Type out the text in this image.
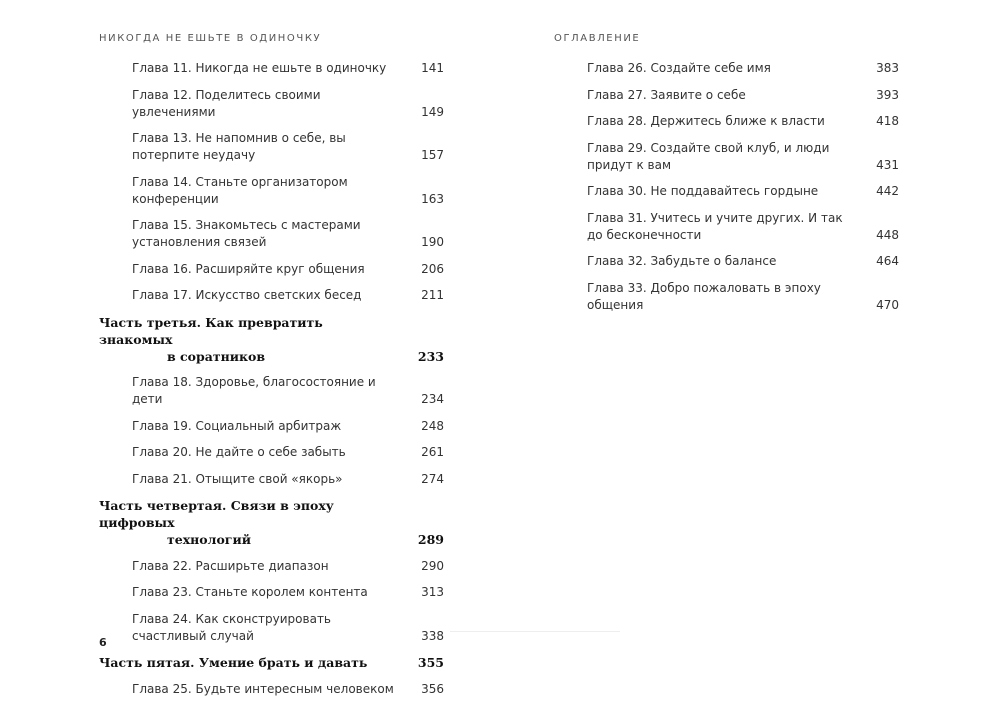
НИКОГДА НЕ ЕШЬТЕ В ОДИНОЧКУ	ОГЛАВЛЕНИЕ
Глава 11. Никогда не ешьте в одиночку	141
Глава 12. Поделитесь своими увлечениями	149
Глава 13. Не напомнив о себе, вы потерпите неудачу	157
Глава 14. Станьте организатором конференции	163
Глава 15. Знакомьтесь с мастерами установления связей	190
Глава 16. Расширяйте круг общения	206
Глава 17. Искусство светских бесед	211
Часть третья. Как превратить знакомых
в соратников	233
Глава 18. Здоровье, благосостояние и дети	234
Глава 19. Социальный арбитраж	248
Глава 20. Не дайте о себе забыть	261
Глава 21. Отыщите свой «якорь»	274
Часть четвертая. Связи в эпоху цифровых
технологий	289
Глава 22. Расширьте диапазон	290
Глава 23. Станьте королем контента	313
Глава 24. Как сконструировать счастливый случай	338
Часть пятая. Умение брать и давать	355
Глава 25. Будьте интересным человеком 356
Глава 26. Создайте себе имя	383
Глава 27. Заявите о себе	393
Глава 28. Держитесь ближе к власти	418
Глава 29. Создайте свой клуб, и люди придут к вам	431
Глава 30. Не поддавайтесь гордыне	442
Глава 31. Учитесь и учите других. И так до бесконечности	448
Глава 32. Забудьте о балансе	464
Глава 33. Добро пожаловать в эпоху общения	470
6
